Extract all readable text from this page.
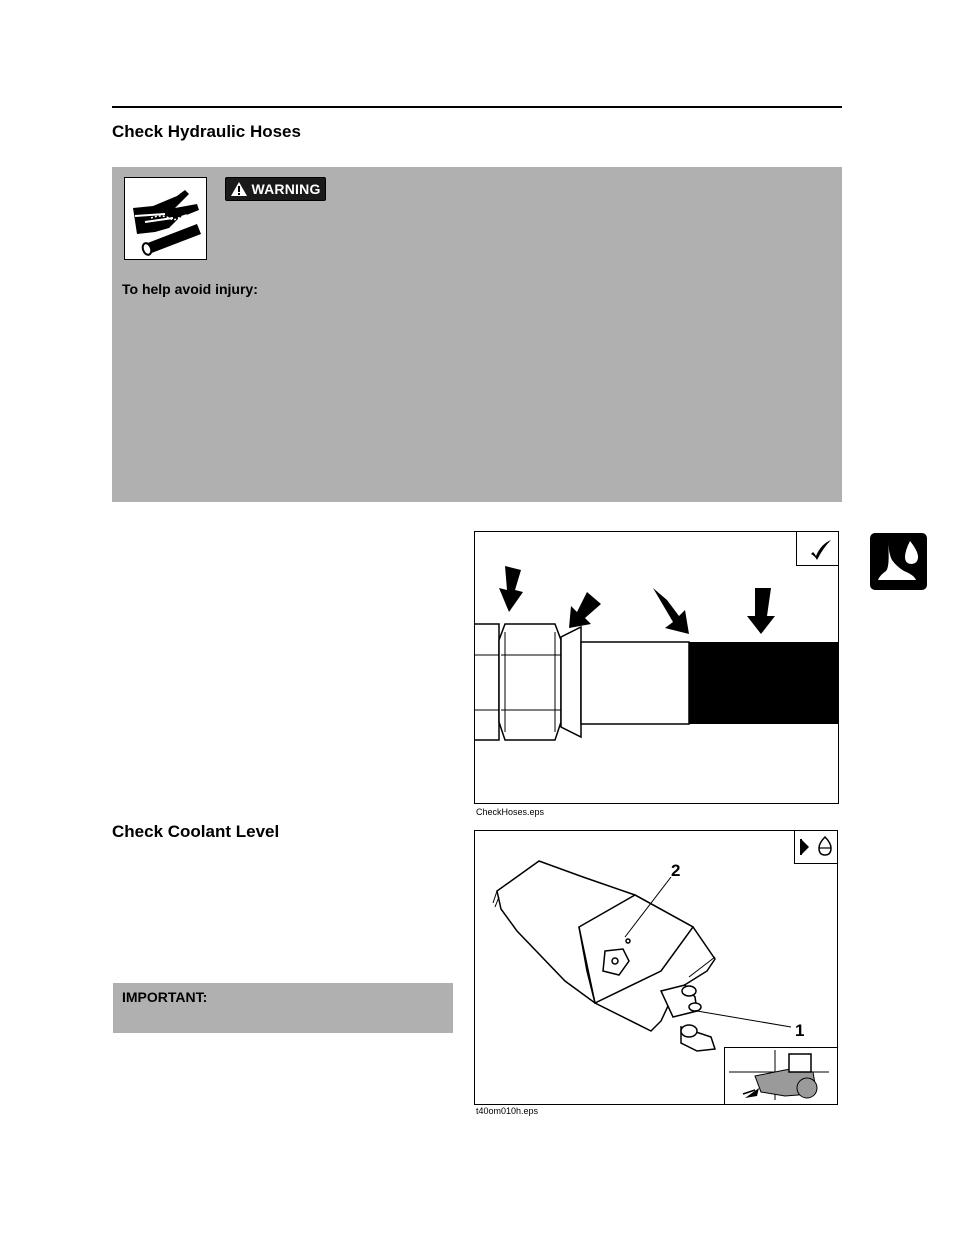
Check Hydraulic Hoses
WARNING
To help avoid injury:
CheckHoses.eps
Check Coolant Level
IMPORTANT:
2
1
t40om010h.eps
